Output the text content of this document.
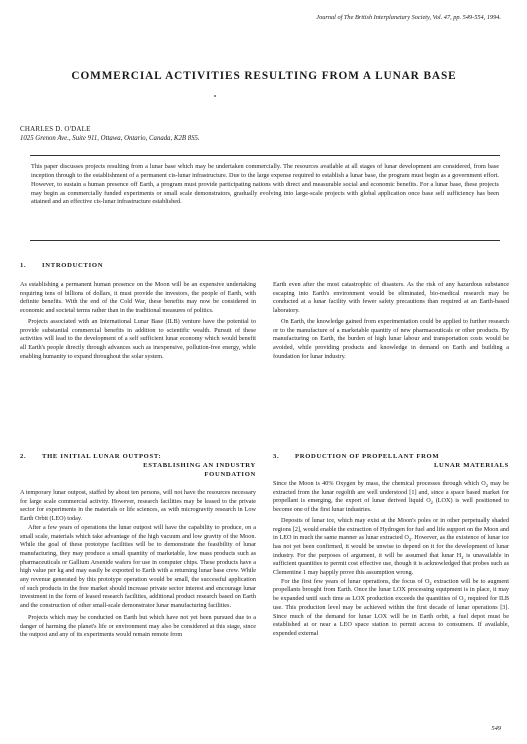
Journal of The British Interplanetary Society, Vol. 47, pp. 549-554, 1994.
COMMERCIAL ACTIVITIES RESULTING FROM A LUNAR BASE
CHARLES D. O'DALE
1025 Grenon Ave., Suite 911, Ottawa, Ontario, Canada, K2B 8S5.

This paper discusses projects resulting from a lunar base which may be undertaken commercially. The resources available at all stages of lunar development are considered, from base inception through to the establishment of a permanent cis-lunar infrastructure. Due to the large expense required to establish a lunar base, the program must begin as a government effort. However, to sustain a human presence off Earth, a program must provide participating nations with direct and measurable social and economic benefits. For a lunar base, these projects may begin as commercially funded experiments or small scale demonstrators, gradually evolving into large-scale projects with global application once base self sufficiency has been attained and an effective cis-lunar infrastructure established.

1. INTRODUCTION

As establishing a permanent human presence on the Moon will be an expensive undertaking requiring tens of billions of dollars, it must provide the investors, the people of Earth, with definite benefits. With the end of the Cold War, these benefits may now be considered in economic and societal terms rather than in the traditional measures of politics.

Projects associated with an International Lunar Base (ILB) venture have the potential to provide substantial commercial benefits in addition to scientific wealth. Pursuit of these activities will lead to the development of a self sufficient lunar economy which would benefit all Earth's people directly through advances such as inexpensive, pollution-free energy, while enabling humanity to expand throughout the solar system.

2.	THE INITIAL LUNAR OUTPOST:
ESTABLISHING AN INDUSTRY
FOUNDATION

A temporary lunar outpost, staffed by about ten persons, will not have the resources necessary for large scale commercial activity. However, research facilities may be leased to the private sector for experiments in the materials or life sciences, as with microgravity research in Low Earth Orbit (LEO) today.

After a few years of operations the lunar outpost will have the capability to produce, on a small scale, materials which take advantage of the high vacuum and low gravity of the Moon. While the goal of these prototype facilities will be to demonstrate the feasibility of lunar manufacturing, they may produce a small quantity of marketable, low mass products such as pharmaceuticals or Gallium Arsenide wafers for use in computer chips. These products have a high value per kg and may easily be exported to Earth with a returning lunar base crew. While any revenue generated by this prototype operation would be small, the successful application of such products in the free market should increase private sector interest and encourage lunar investment in the form of leased research facilities, additional product research based on Earth and the construction of other small-scale demonstrator lunar manufacturing facilities.

Projects which may be conducted on Earth but which have not yet been pursued due to a danger of harming the planet's life or environment may also be considered at this stage, since the outpost and any of its experiments would remain remote from

Earth even after the most catastrophic of disasters. As the risk of any hazardous substance escaping into Earth's environment would be eliminated, bio-medical research may be conducted at a lunar facility with fewer safety precautions than required at an Earth-based laboratory.

On Earth, the knowledge gained from experimentation could be applied to further research or to the manufacture of a marketable quantity of new pharmaceuticals or other products. By manufacturing on Earth, the burden of high lunar labour and transportation costs would be avoided, while providing products and knowledge in demand on Earth and building a foundation for lunar industry.

3.	PRODUCTION OF PROPELLANT FROM
LUNAR MATERIALS

Since the Moon is 40% Oxygen by mass, the chemical processes through which $O_2$ may be extracted from the lunar regolith are well understood [1] and, since a space based market for propellant is emerging, the export of lunar derived liquid $O_2$ (LOX) is well positioned to become one of the first lunar industries.

Deposits of lunar ice, which may exist at the Moon's poles or in other perpetually shaded regions [2], would enable the extraction of Hydrogen for fuel and life support on the Moon and in LEO in much the same manner as lunar extracted $O_2$. However, as the existence of lunar ice has not yet been confirmed, it would be unwise to depend on it for the development of lunar industry. For the purposes of argument, it will be assumed that lunar $H_2$ is unavailable in sufficient quantities to permit cost effective use, though it is acknowledged that probes such as Clementine 1 may happily prove this assumption wrong.

For the first few years of lunar operations, the focus of $O_2$ extraction will be to augment propellants brought from Earth. Once the lunar LOX processing equipment is in place, it may be expanded until such time as LOX production exceeds the quantities of $O_2$ required for ILB use. This production level may be achieved within the first decade of lunar operations [3]. Since much of the demand for lunar LOX will be in Earth orbit, a fuel depot must be established at or near a LEO space station to permit access to consumers. If available, expended external

549
